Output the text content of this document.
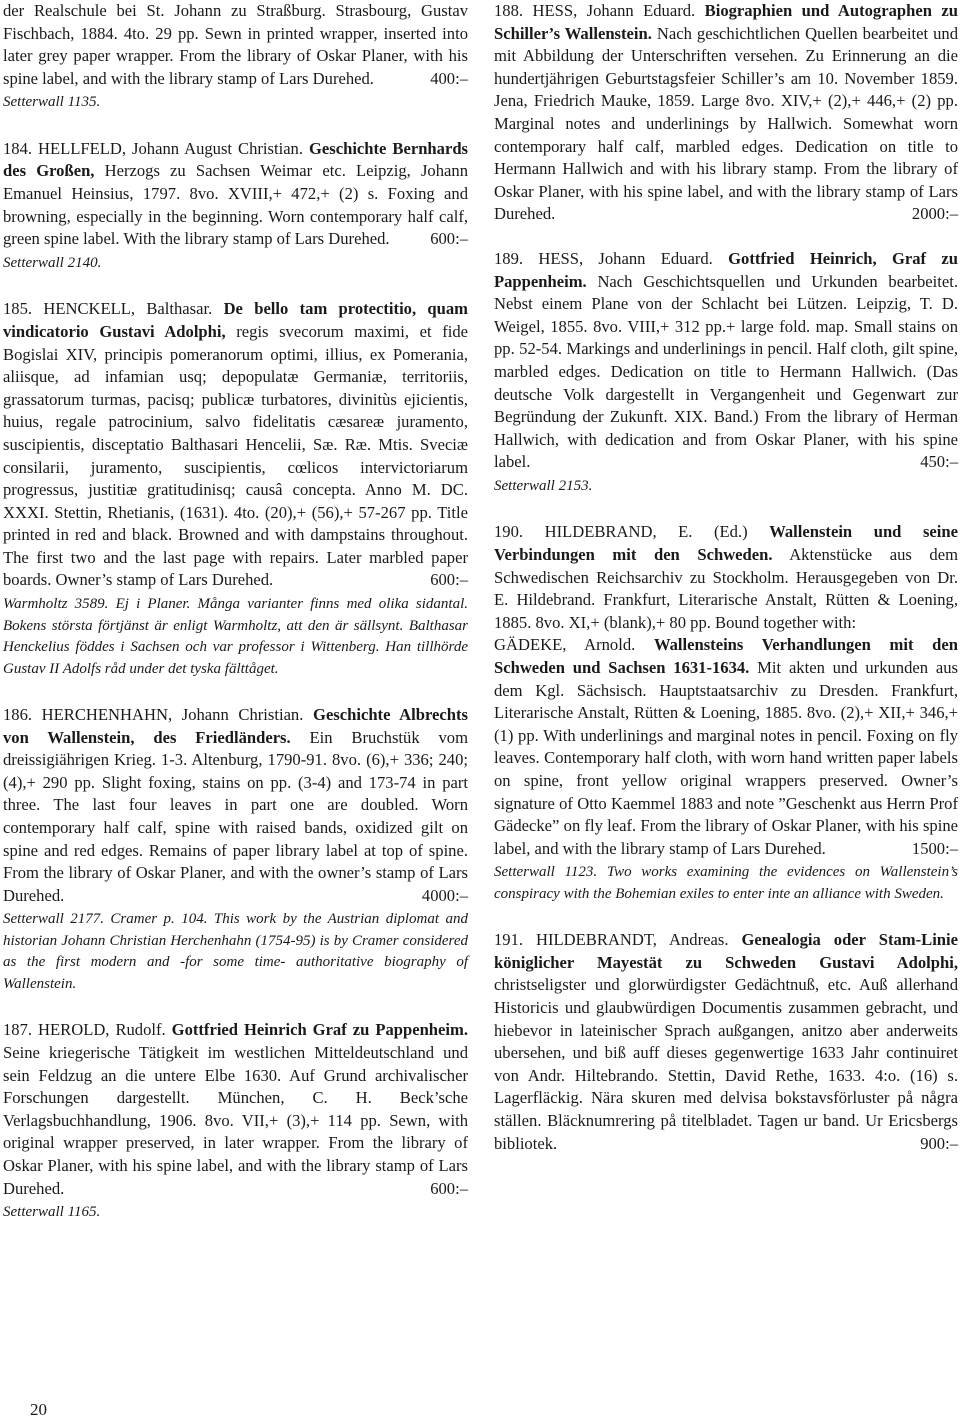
der Realschule bei St. Johann zu Straßburg. Strasbourg, Gustav Fischbach, 1884. 4to. 29 pp. Sewn in printed wrapper, inserted into later grey paper wrapper. From the library of Oskar Planer, with his spine label, and with the library stamp of Lars Durehed.	400:–

Setterwall 1135.

184. HELLFELD, Johann August Christian. Geschichte Bernhards des Großen, Herzogs zu Sachsen Weimar etc. Leipzig, Johann Emanuel Heinsius, 1797. 8vo. XVIII,+ 472,+ (2) s. Foxing and browning, especially in the beginning. Worn contemporary half calf, green spine label. With the library stamp of Lars Durehed. 600:–

Setterwall 2140.

185. HENCKELL, Balthasar. De bello tam protectitio, quam vindicatorio Gustavi Adolphi, regis svecorum maximi, et fide Bogislai XIV, principis pomeranorum optimi, illius, ex Pomerania, aliisque, ad infamian usq; depopulatæ Germaniæ, territoriis, grassatorum turmas, pacisq; publicæ turbatores, divinitùs ejicientis, huius, regale patrocinium, salvo fidelitatis cæsareæ juramento, suscipientis, disceptatio Balthasari Hencelii, Sæ. Ræ. Mtis. Sveciæ consilarii, juramento, suscipientis, cœlicos intervictoriarum progressus, justitiæ gratitudinisq; causâ concepta. Anno M. DC. XXXI. Stettin, Rhetianis, (1631). 4to. (20),+ (56),+ 57-267 pp. Title printed in red and black. Browned and with dampstains throughout. The first two and the last page with repairs. Later marbled paper boards. Owner’s stamp of Lars Durehed.	600:–

Warmholtz 3589. Ej i Planer. Många varianter finns med olika sidantal. Bokens största förtjänst är enligt Warmholtz, att den är sällsynt. Balthasar Henckelius föddes i Sachsen och var professor i Wittenberg. Han tillhörde Gustav II Adolfs råd under det tyska fälttåget.

186. HERCHENHAHN, Johann Christian. Geschichte Albrechts von Wallenstein, des Friedländers. Ein Bruchstük vom dreissigiährigen Krieg. 1-3. Altenburg, 1790-91. 8vo. (6),+ 336; 240; (4),+ 290 pp. Slight foxing, stains on pp. (3-4) and 173-74 in part three. The last four leaves in part one are doubled. Worn contemporary half calf, spine with raised bands, oxidized gilt on spine and red edges. Remains of paper library label at top of spine. From the library of Oskar Planer, and with the owner’s stamp of Lars Durehed.	4000:–

Setterwall 2177. Cramer p. 104. This work by the Austrian diplomat and historian Johann Christian Herchenhahn (1754-95) is by Cramer considered as the first modern and -for some time- authoritative biography of Wallenstein.

187. HEROLD, Rudolf. Gottfried Heinrich Graf zu Pappenheim. Seine kriegerische Tätigkeit im westlichen Mitteldeutschland und sein Feldzug an die untere Elbe 1630. Auf Grund archivalischer Forschungen dargestellt. München, C. H. Beck’sche Verlagsbuchhandlung, 1906. 8vo. VII,+ (3),+ 114 pp. Sewn, with original wrapper preserved, in later wrapper. From the library of Oskar Planer, with his spine label, and with the library stamp of Lars Durehed.	600:–

Setterwall 1165.

188. HESS, Johann Eduard. Biographien und Autographen zu Schiller’s Wallenstein. Nach geschichtlichen Quellen bearbeitet und mit Abbildung der Unterschriften versehen. Zu Erinnerung an die hundertjährigen Geburtstagsfeier Schiller’s am 10. November 1859. Jena, Friedrich Mauke, 1859. Large 8vo. XIV,+ (2),+ 446,+ (2) pp. Marginal notes and underlinings by Hallwich. Somewhat worn contemporary half calf, marbled edges. Dedication on title to Hermann Hallwich and with his library stamp. From the library of Oskar Planer, with his spine label, and with the library stamp of Lars Durehed.	2000:–

189. HESS, Johann Eduard. Gottfried Heinrich, Graf zu Pappenheim. Nach Geschichtsquellen und Urkunden bearbeitet. Nebst einem Plane von der Schlacht bei Lützen. Leipzig, T. D. Weigel, 1855. 8vo. VIII,+ 312 pp.+ large fold. map. Small stains on pp. 52-54. Markings and underlinings in pencil. Half cloth, gilt spine, marbled edges. Dedication on title to Hermann Hallwich. (Das deutsche Volk dargestellt in Vergangenheit und Gegenwart zur Begründung der Zukunft. XIX. Band.) From the library of Herman Hallwich, with dedication and from Oskar Planer, with his spine label.	450:–

Setterwall 2153.

190. HILDEBRAND, E. (Ed.) Wallenstein und seine Verbindungen mit den Schweden. Aktenstücke aus dem Schwedischen Reichsarchiv zu Stockholm. Herausgegeben von Dr. E. Hildebrand. Frankfurt, Literarische Anstalt, Rütten & Loening, 1885. 8vo. XI,+ (blank),+ 80 pp. Bound together with:
GÄDEKE, Arnold. Wallensteins Verhandlungen mit den Schweden und Sachsen 1631-1634. Mit akten und urkunden aus dem Kgl. Sächsisch. Hauptstaatsarchiv zu Dresden. Frankfurt, Literarische Anstalt, Rütten & Loening, 1885. 8vo. (2),+ XII,+ 346,+ (1) pp. With underlinings and marginal notes in pencil. Foxing on fly leaves. Contemporary half cloth, with worn hand written paper labels on spine, front yellow original wrappers preserved. Owner’s signature of Otto Kaemmel 1883 and note ”Geschenkt aus Herrn Prof Gädecke” on fly leaf. From the library of Oskar Planer, with his spine label, and with the library stamp of Lars Durehed.	1500:–

Setterwall 1123. Two works examining the evidences on Wallenstein’s conspiracy with the Bohemian exiles to enter inte an alliance with Sweden.

191. HILDEBRANDT, Andreas. Genealogia oder Stam-Linie königlicher Mayestät zu Schweden Gustavi Adolphi, christseligster und glorwürdigster Gedächtnuß, etc. Auß allerhand Historicis und glaubwürdigen Documentis zusammen gebracht, und hiebevor in lateinischer Sprach außgangen, anitzo aber anderweits ubersehen, und biß auff dieses gegenwertige 1633 Jahr continuiret von Andr. Hiltebrando. Stettin, David Rethe, 1633. 4:o. (16) s. Lagerfläckig. Nära skuren med delvisa bokstavsförluster på några ställen. Bläcknumrering på titelbladet. Tagen ur band. Ur Ericsbergs bibliotek.	900:–

20
